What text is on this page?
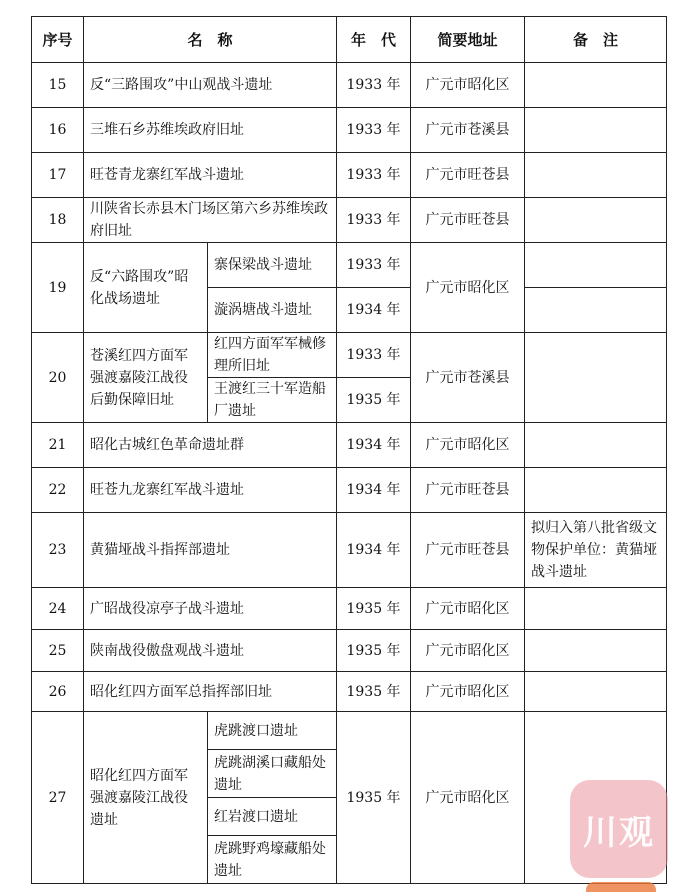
序号	名　称		年　代	简要地址	备　注
15	反“三路围攻”中山观战斗遗址		1933 年	广元市昭化区	
16	三堆石乡苏维埃政府旧址		1933 年	广元市苍溪县	
17	旺苍青龙寨红军战斗遗址		1933 年	广元市旺苍县	
18	川陕省长赤县木门场区第六乡苏维埃政府旧址		1933 年	广元市旺苍县	
19	反“六路围攻”昭化战场遗址	寨保梁战斗遗址	1933 年	广元市昭化区	
		漩涡塘战斗遗址	1934 年		
20	苍溪红四方面军强渡嘉陵江战役后勤保障旧址	红四方面军军械修理所旧址	1933 年	广元市苍溪县	
		王渡红三十军造船厂遗址	1935 年		
21	昭化古城红色革命遗址群		1934 年	广元市昭化区	
22	旺苍九龙寨红军战斗遗址		1934 年	广元市旺苍县	
23	黄猫垭战斗指挥部遗址		1934 年	广元市旺苍县	拟归入第八批省级文物保护单位：黄猫垭战斗遗址
24	广昭战役凉亭子战斗遗址		1935 年	广元市昭化区	
25	陕南战役傲盘观战斗遗址		1935 年	广元市昭化区	
26	昭化红四方面军总指挥部旧址		1935 年	广元市昭化区	
27	昭化红四方面军强渡嘉陵江战役遗址	虎跳渡口遗址	1935 年	广元市昭化区	
		虎跳湖溪口藏船处遗址			
		红岩渡口遗址			
		虎跳野鸡壕藏船处遗址			
川观
